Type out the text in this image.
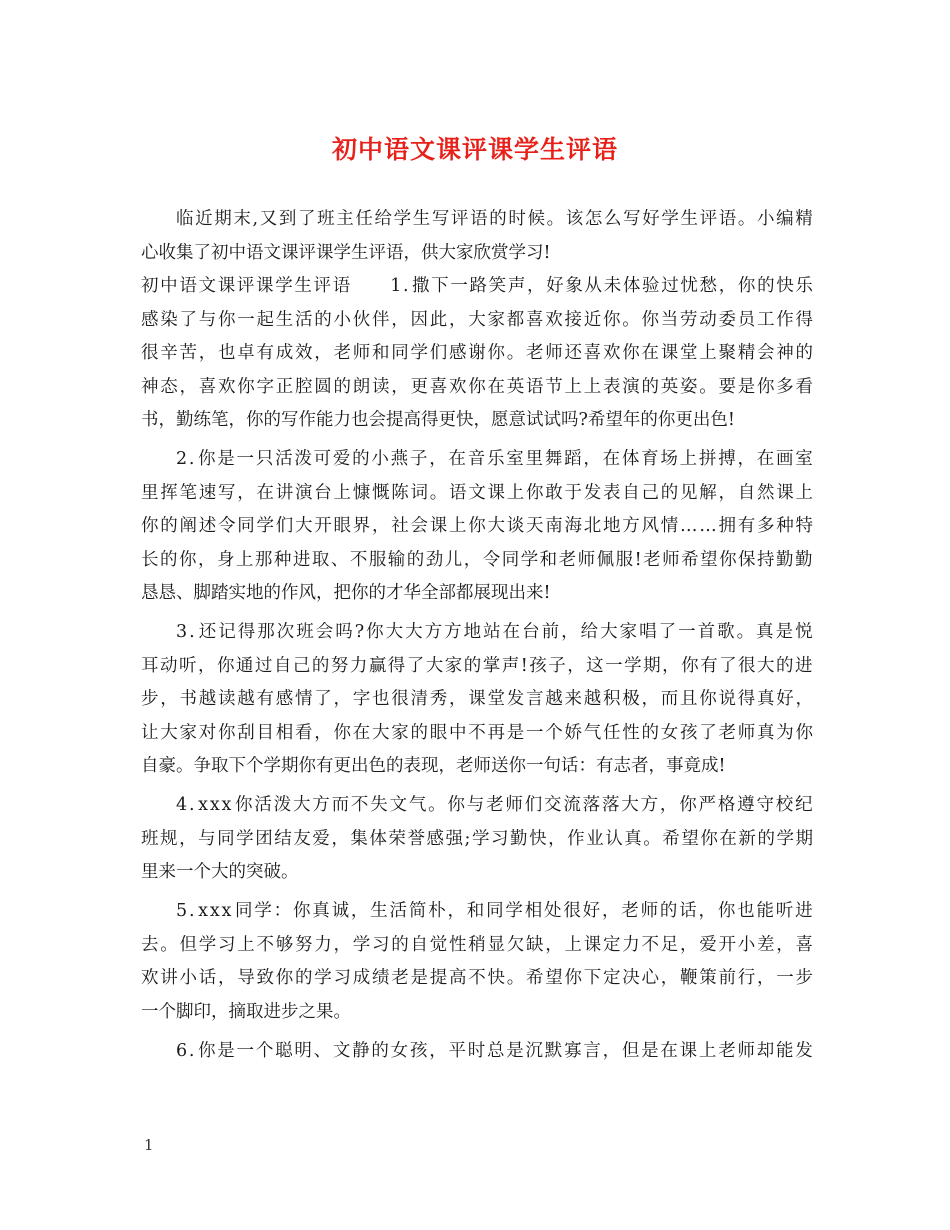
初中语文课评课学生评语
临 近 期 末 , 又 到 了 班 主 任 给 学 生 写 评 语 的 时 候 。 该 怎 么 写 好 学 生 评 语 。 小 编 精
心 收 集 了 初 中 语 文 课 评 课 学 生 评 语 ， 供 大 家 欣 赏 学 习 !
初 中 语 文 课 评 课 学 生 评 语

　 1 . 撒 下 一 路 笑 声 ， 好 象 从 未 体 验 过 忧 愁 ， 你 的 快 乐
感 染 了 与 你 一 起 生 活 的 小 伙 伴 ， 因 此 ， 大 家 都 喜 欢 接 近 你 。 你 当 劳 动 委 员 工 作 得
很 辛 苦 ， 也 卓 有 成 效 ， 老 师 和 同 学 们 感 谢 你 。 老 师 还 喜 欢 你 在 课 堂 上 聚 精 会 神 的
神 态 ， 喜 欢 你 字 正 腔 圆 的 朗 读 ， 更 喜 欢 你 在 英 语 节 上 上 表 演 的 英 姿 。 要 是 你 多 看
书 ， 勤 练 笔 ， 你 的 写 作 能 力 也 会 提 高 得 更 快 ， 愿 意 试 试 吗 ? 希 望 年 的 你 更 出 色 !
2 . 你 是 一 只 活 泼 可 爱 的 小 燕 子 ， 在 音 乐 室 里 舞 蹈 ， 在 体 育 场 上 拼 搏 ， 在 画 室
里 挥 笔 速 写 ， 在 讲 演 台 上 慷 慨 陈 词 。 语 文 课 上 你 敢 于 发 表 自 己 的 见 解 ， 自 然 课 上
你 的 阐 述 令 同 学 们 大 开 眼 界 ， 社 会 课 上 你 大 谈 天 南 海 北 地 方 风 情 … … 拥 有 多 种 特
长 的 你 ， 身 上 那 种 进 取 、 不 服 输 的 劲 儿 ， 令 同 学 和 老 师 佩 服 ! 老 师 希 望 你 保 持 勤 勤
恳 恳 、 脚 踏 实 地 的 作 风 ， 把 你 的 才 华 全 部 都 展 现 出 来 !
3 . 还 记 得 那 次 班 会 吗 ? 你 大 大 方 方 地 站 在 台 前 ， 给 大 家 唱 了 一 首 歌 。 真 是 悦
耳 动 听 ， 你 通 过 自 己 的 努 力 赢 得 了 大 家 的 掌 声 ! 孩 子 ， 这 一 学 期 ， 你 有 了 很 大 的 进
步 ， 书 越 读 越 有 感 情 了 ， 字 也 很 清 秀 ， 课 堂 发 言 越 来 越 积 极 ， 而 且 你 说 得 真 好 ，
让 大 家 对 你 刮 目 相 看 ， 你 在 大 家 的 眼 中 不 再 是 一 个 娇 气 任 性 的 女 孩 了 老 师 真 为 你
自 豪 。 争 取 下 个 学 期 你 有 更 出 色 的 表 现 ， 老 师 送 你 一 句 话 ： 有 志 者 ， 事 竟 成 !
4 . x x x 你 活 泼 大 方 而 不 失 文 气 。 你 与 老 师 们 交 流 落 落 大 方 ， 你 严 格 遵 守 校 纪
班 规 ， 与 同 学 团 结 友 爱 ， 集 体 荣 誉 感 强 ; 学 习 勤 快 ， 作 业 认 真 。 希 望 你 在 新 的 学 期
里 来 一 个 大 的 突 破 。
5 . x x x 同 学 ： 你 真 诚 ， 生 活 简 朴 ， 和 同 学 相 处 很 好 ， 老 师 的 话 ， 你 也 能 听 进
去 。 但 学 习 上 不 够 努 力 ， 学 习 的 自 觉 性 稍 显 欠 缺 ， 上 课 定 力 不 足 ， 爱 开 小 差 ， 喜
欢 讲 小 话 ， 导 致 你 的 学 习 成 绩 老 是 提 高 不 快 。 希 望 你 下 定 决 心 ， 鞭 策 前 行 ， 一 步
一 个 脚 印 ， 摘 取 进 步 之 果 。
6 . 你 是 一 个 聪 明 、 文 静 的 女 孩 ， 平 时 总 是 沉 默 寡 言 ， 但 是 在 课 上 老 师 却 能 发
1
